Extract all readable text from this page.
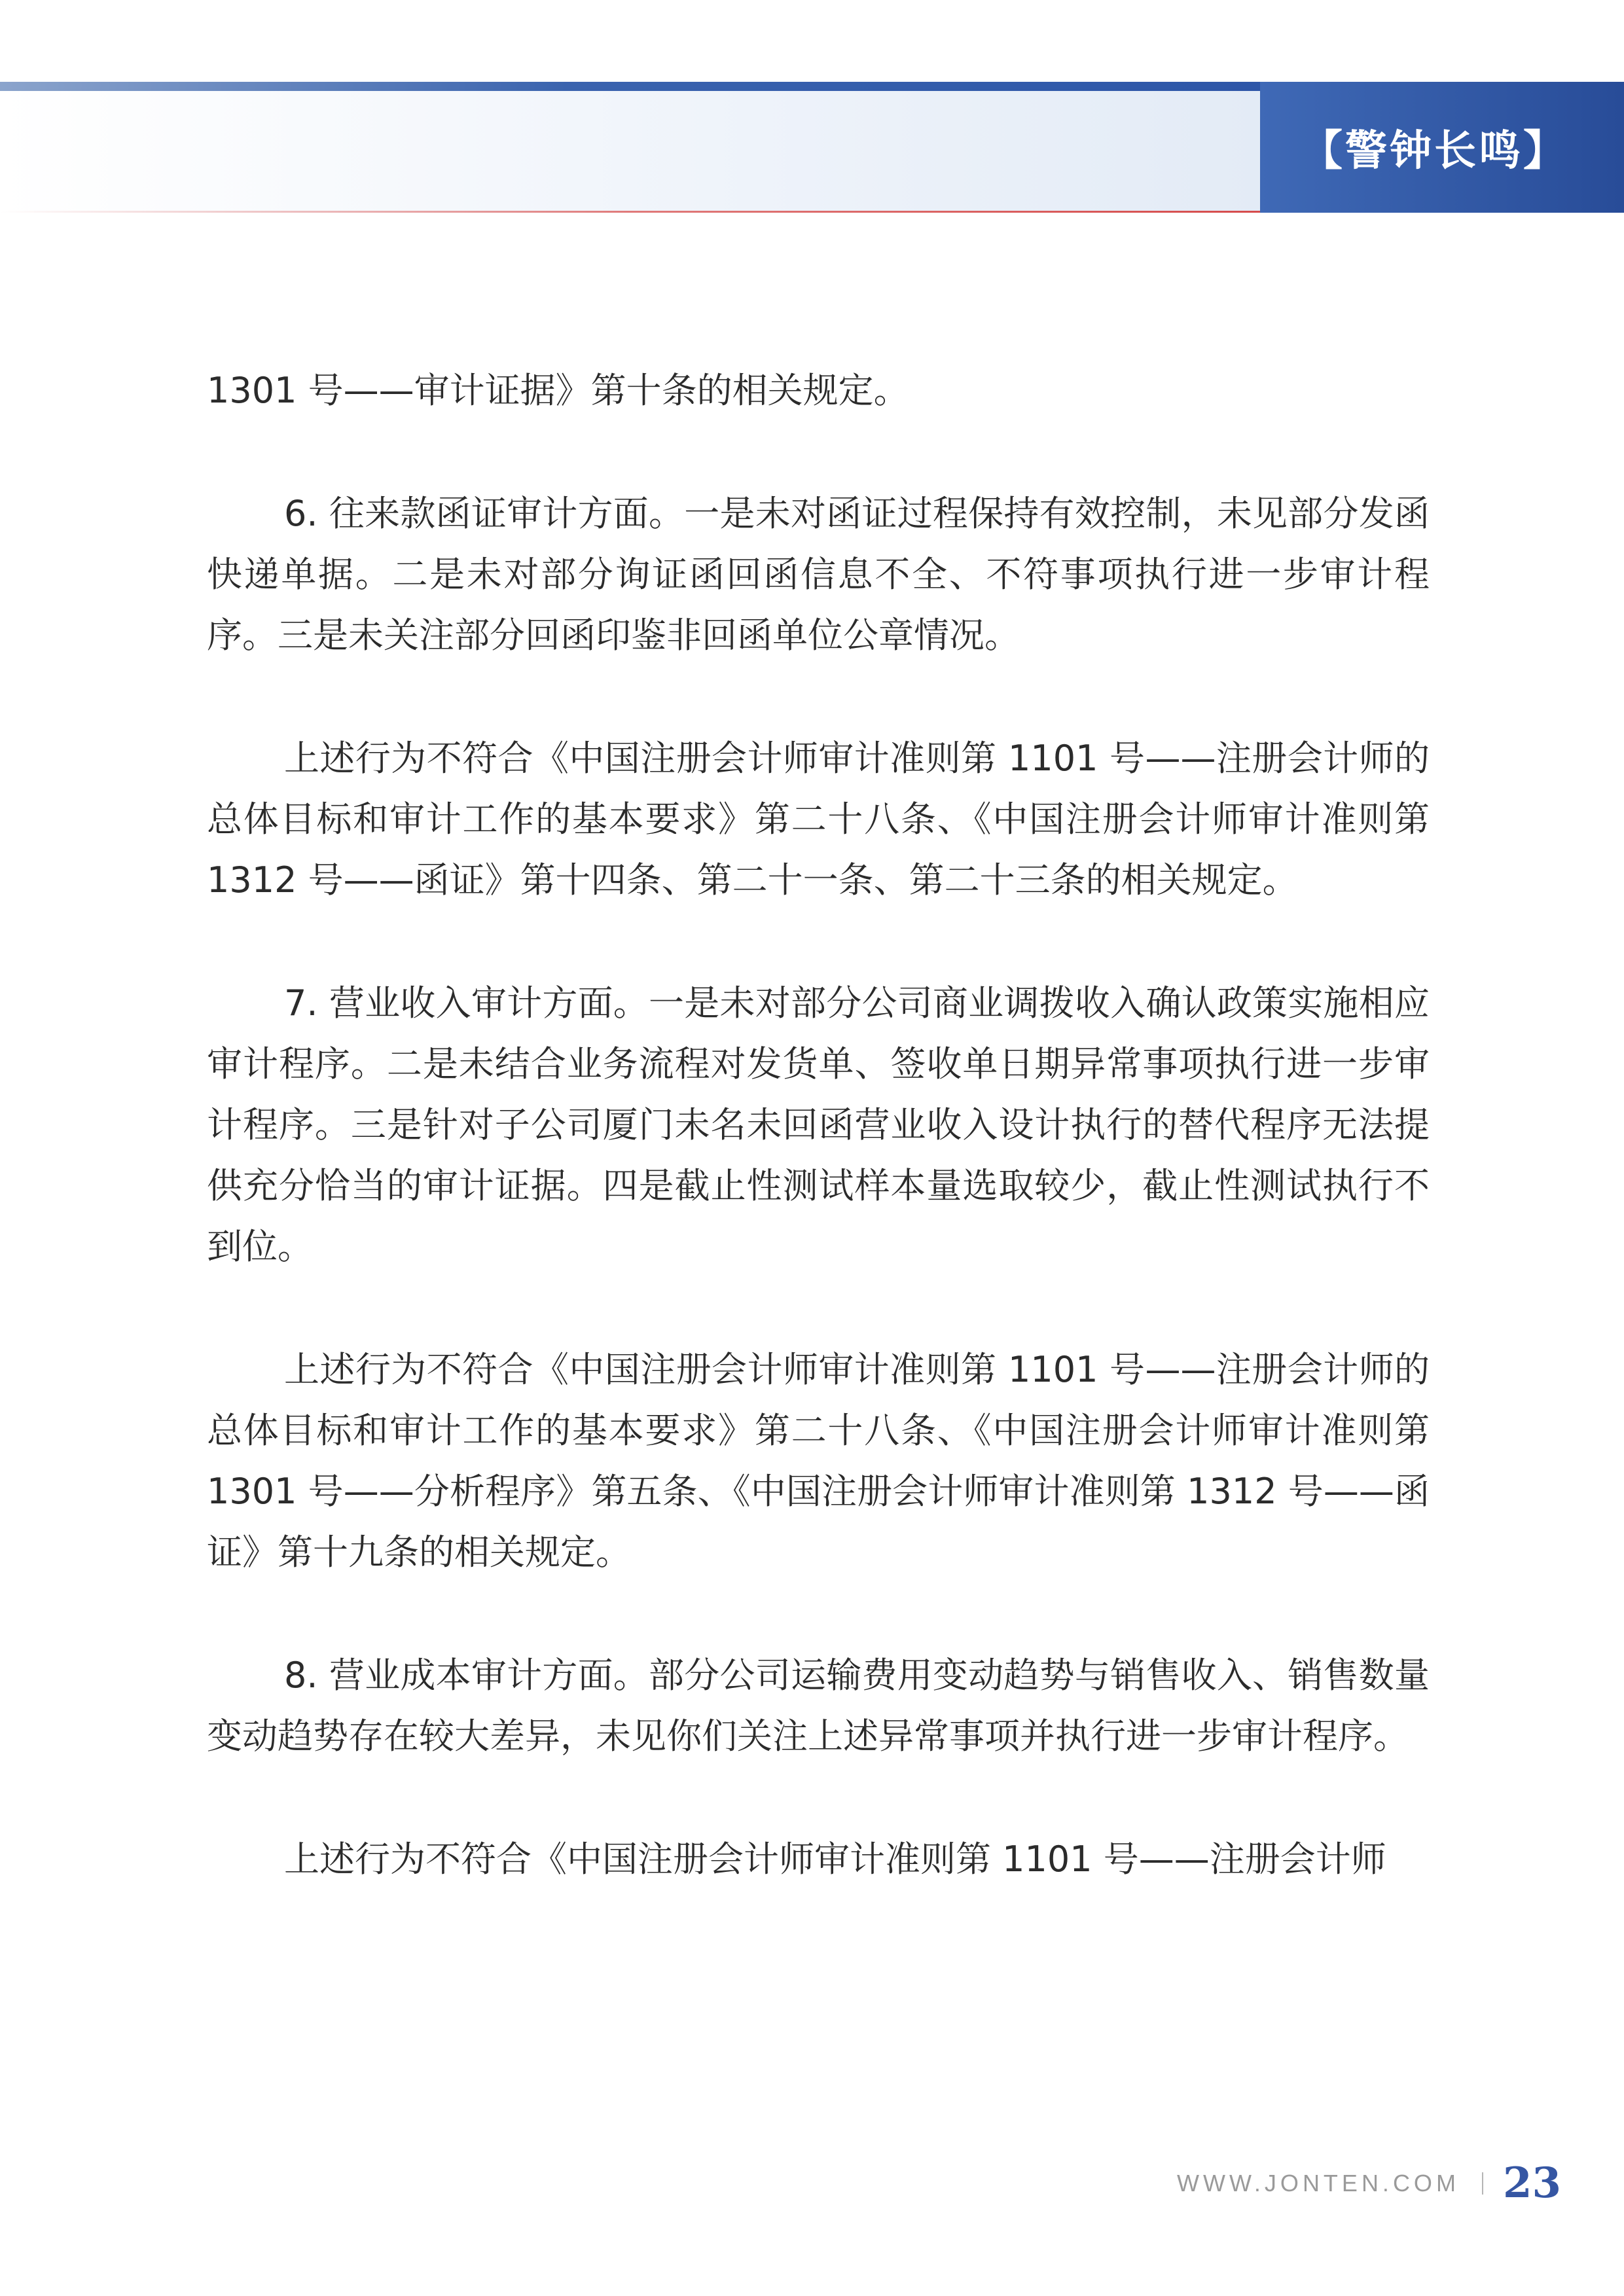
【警钟长鸣】

1301 号——审计证据》第十条的相关规定。

6. 往来款函证审计方面。一是未对函证过程保持有效控制，未见部分发函快递单据。二是未对部分询证函回函信息不全、不符事项执行进一步审计程序。三是未关注部分回函印鉴非回函单位公章情况。

上述行为不符合《中国注册会计师审计准则第 1101 号——注册会计师的总体目标和审计工作的基本要求》第二十八条、《中国注册会计师审计准则第 1312 号——函证》第十四条、第二十一条、第二十三条的相关规定。

7. 营业收入审计方面。一是未对部分公司商业调拨收入确认政策实施相应审计程序。二是未结合业务流程对发货单、签收单日期异常事项执行进一步审计程序。三是针对子公司厦门未名未回函营业收入设计执行的替代程序无法提供充分恰当的审计证据。四是截止性测试样本量选取较少，截止性测试执行不到位。

上述行为不符合《中国注册会计师审计准则第 1101 号——注册会计师的总体目标和审计工作的基本要求》第二十八条、《中国注册会计师审计准则第 1301 号——分析程序》第五条、《中国注册会计师审计准则第 1312 号——函证》第十九条的相关规定。

8. 营业成本审计方面。部分公司运输费用变动趋势与销售收入、销售数量变动趋势存在较大差异，未见你们关注上述异常事项并执行进一步审计程序。

上述行为不符合《中国注册会计师审计准则第 1101 号——注册会计师

WWW.JONTEN.COM 23
